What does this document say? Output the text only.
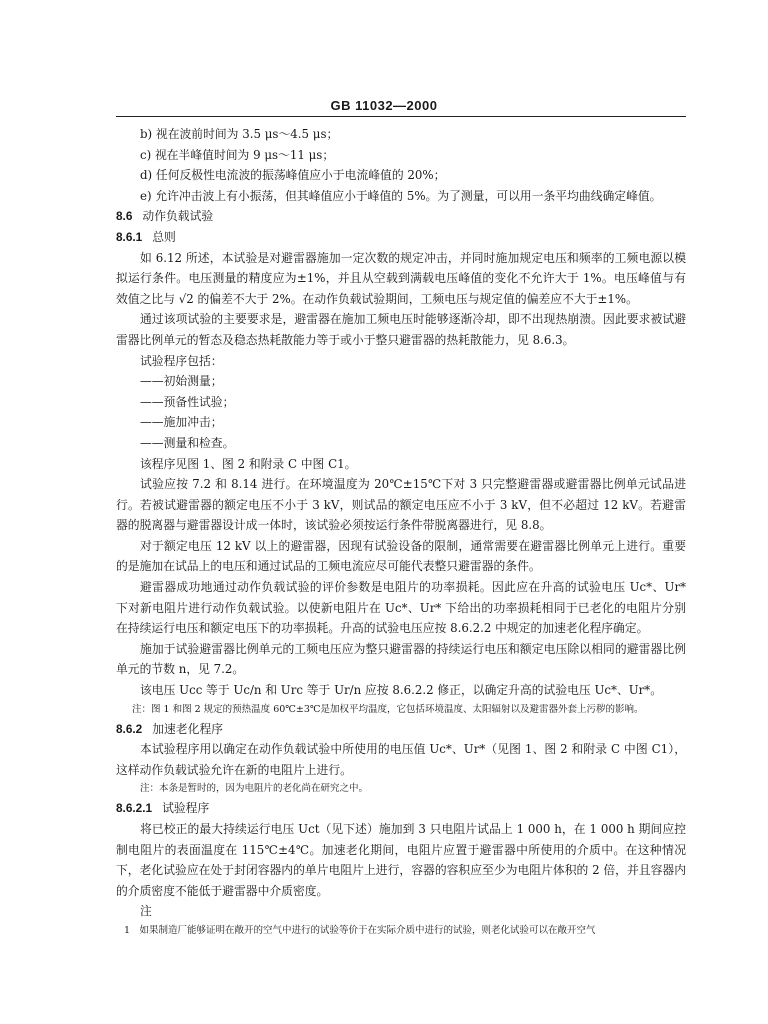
GB 11032—2000

b) 视在波前时间为 3.5 μs～4.5 μs；

c) 视在半峰值时间为 9 μs～11 μs；

d) 任何反极性电流波的振荡峰值应小于电流峰值的 20%；

e) 允许冲击波上有小振荡，但其峰值应小于峰值的 5%。为了测量，可以用一条平均曲线确定峰值。

8.6 动作负载试验

8.6.1 总则

如 6.12 所述，本试验是对避雷器施加一定次数的规定冲击，并同时施加规定电压和频率的工频电源以模拟运行条件。电压测量的精度应为±1%，并且从空载到满载电压峰值的变化不允许大于 1%。电压峰值与有效值之比与 √2 的偏差不大于 2%。在动作负载试验期间，工频电压与规定值的偏差应不大于±1%。

通过该项试验的主要要求是，避雷器在施加工频电压时能够逐渐冷却，即不出现热崩溃。因此要求被试避雷器比例单元的暂态及稳态热耗散能力等于或小于整只避雷器的热耗散能力，见 8.6.3。

试验程序包括：

——初始测量；

——预备性试验；

——施加冲击；

——测量和检查。

该程序见图 1、图 2 和附录 C 中图 C1。

试验应按 7.2 和 8.14 进行。在环境温度为 20℃±15℃下对 3 只完整避雷器或避雷器比例单元试品进行。若被试避雷器的额定电压不小于 3 kV，则试品的额定电压应不小于 3 kV，但不必超过 12 kV。若避雷器的脱离器与避雷器设计成一体时，该试验必须按运行条件带脱离器进行，见 8.8。

对于额定电压 12 kV 以上的避雷器，因现有试验设备的限制，通常需要在避雷器比例单元上进行。重要的是施加在试品上的电压和通过试品的工频电流应尽可能代表整只避雷器的条件。

避雷器成功地通过动作负载试验的评价参数是电阻片的功率损耗。因此应在升高的试验电压 Uc*、Ur* 下对新电阻片进行动作负载试验。以使新电阻片在 Uc*、Ur* 下给出的功率损耗相同于已老化的电阻片分别在持续运行电压和额定电压下的功率损耗。升高的试验电压应按 8.6.2.2 中规定的加速老化程序确定。

施加于试验避雷器比例单元的工频电压应为整只避雷器的持续运行电压和额定电压除以相同的避雷器比例单元的节数 n，见 7.2。

该电压 Ucc 等于 Uc/n 和 Urc 等于 Ur/n 应按 8.6.2.2 修正，以确定升高的试验电压 Uc*、Ur*。

注：图 1 和图 2 规定的预热温度 60℃±3℃是加权平均温度，它包括环境温度、太阳辐射以及避雷器外套上污秽的影响。

8.6.2 加速老化程序

本试验程序用以确定在动作负载试验中所使用的电压值 Uc*、Ur*（见图 1、图 2 和附录 C 中图 C1），这样动作负载试验允许在新的电阻片上进行。

注：本条是暂时的，因为电阻片的老化尚在研究之中。

8.6.2.1 试验程序

将已校正的最大持续运行电压 Uct（见下述）施加到 3 只电阻片试品上 1 000 h，在 1 000 h 期间应控制电阻片的表面温度在 115℃±4℃。加速老化期间，电阻片应置于避雷器中所使用的介质中。在这种情况下，老化试验应在处于封闭容器内的单片电阻片上进行，容器的容积应至少为电阻片体积的 2 倍，并且容器内的介质密度不能低于避雷器中介质密度。

注

1　如果制造厂能够证明在敞开的空气中进行的试验等价于在实际介质中进行的试验，则老化试验可以在敞开空气
